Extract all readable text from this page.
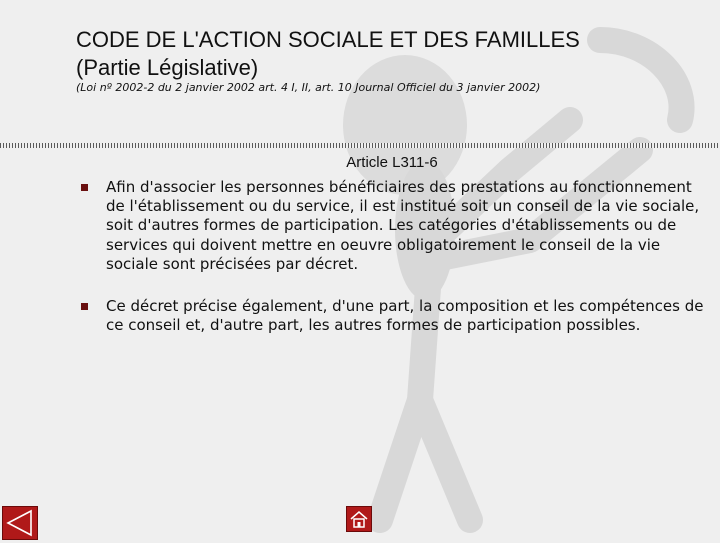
CODE DE L'ACTION SOCIALE ET DES FAMILLES
(Partie Législative)
(Loi nº 2002-2 du 2 janvier 2002 art. 4 I, II, art. 10 Journal Officiel du 3 janvier 2002)
Article L311-6
Afin d'associer les personnes bénéficiaires des prestations au fonctionnement de l'établissement ou du service, il est institué soit un conseil de la vie sociale, soit d'autres formes de participation. Les catégories d'établissements ou de services qui doivent mettre en oeuvre obligatoirement le conseil de la vie sociale sont précisées par décret.
Ce décret précise également, d'une part, la composition et les compétences de ce conseil et, d'autre part, les autres formes de participation possibles.
